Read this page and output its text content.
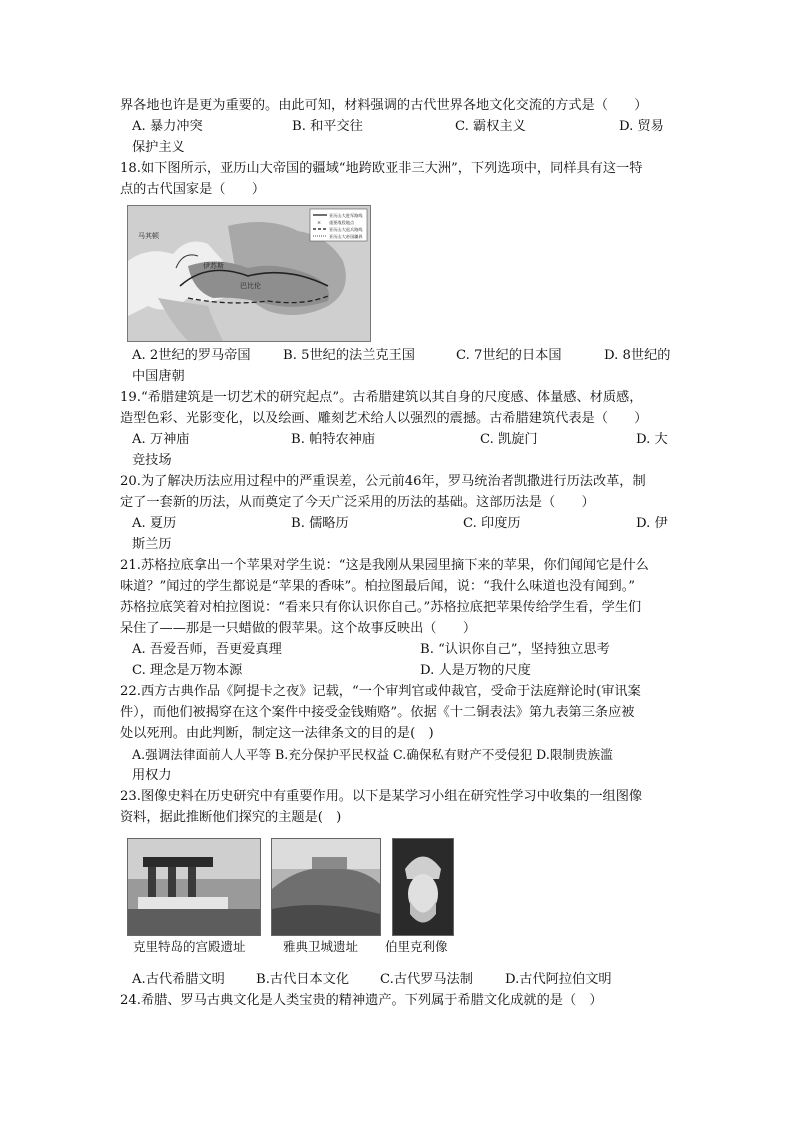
界各地也许是更为重要的。由此可知，材料强调的古代世界各地文化交流的方式是（　　）
A. 暴力冲突	B. 和平交往	C. 霸权主义	D. 贸易
保护主义
18.如下图所示，亚历山大帝国的疆域“地跨欧亚非三大洲”，下列选项中，同样具有这一特
点的古代国家是（　　）
马其顿
伊苏斯
巴比伦
亚历山大进军路线
× 重要战役地点
亚历山大退兵路线
亚历山大帝国疆界
A. 2世纪的罗马帝国 B. 5世纪的法兰克王国	C. 7世纪的日本国	D. 8世纪的
中国唐朝
19.“希腊建筑是一切艺术的研究起点”。古希腊建筑以其自身的尺度感、体量感、材质感，
造型色彩、光影变化，以及绘画、雕刻艺术给人以强烈的震撼。古希腊建筑代表是（　　）
A. 万神庙	B. 帕特农神庙	C. 凯旋门	D. 大
竞技场
20.为了解决历法应用过程中的严重误差，公元前46年，罗马统治者凯撒进行历法改革，制
定了一套新的历法，从而奠定了今天广泛采用的历法的基础。这部历法是（　　）
A. 夏历	B. 儒略历	C. 印度历	D. 伊
斯兰历
21.苏格拉底拿出一个苹果对学生说：“这是我刚从果园里摘下来的苹果，你们闻闻它是什么
味道？”闻过的学生都说是“苹果的香味”。柏拉图最后闻，说：“我什么味道也没有闻到。”
苏格拉底笑着对柏拉图说：“看来只有你认识你自己。”苏格拉底把苹果传给学生看，学生们
呆住了——那是一只蜡做的假苹果。这个故事反映出（　　）
A. 吾爱吾师，吾更爱真理	B. “认识你自己”，坚持独立思考
C. 理念是万物本源	D. 人是万物的尺度
22.西方古典作品《阿提卡之夜》记载，“一个审判官或仲裁官，受命于法庭辩论时(审讯案
件），而他们被揭穿在这个案件中接受金钱贿赂”。依据《十二铜表法》第九表第三条应被
处以死刑。由此判断，制定这一法律条文的目的是(　)
A.强调法律面前人人平等 B.充分保护平民权益 C.确保私有财产不受侵犯 D.限制贵族滥
用权力
23.图像史料在历史研究中有重要作用。以下是某学习小组在研究性学习中收集的一组图像
资料，据此推断他们探究的主题是(　)
克里特岛的宫殿遗址	雅典卫城遗址 伯里克利像
A.古代希腊文明 B.古代日本文化 C.古代罗马法制 D.古代阿拉伯文明
24.希腊、罗马古典文化是人类宝贵的精神遗产。下列属于希腊文化成就的是（　）
